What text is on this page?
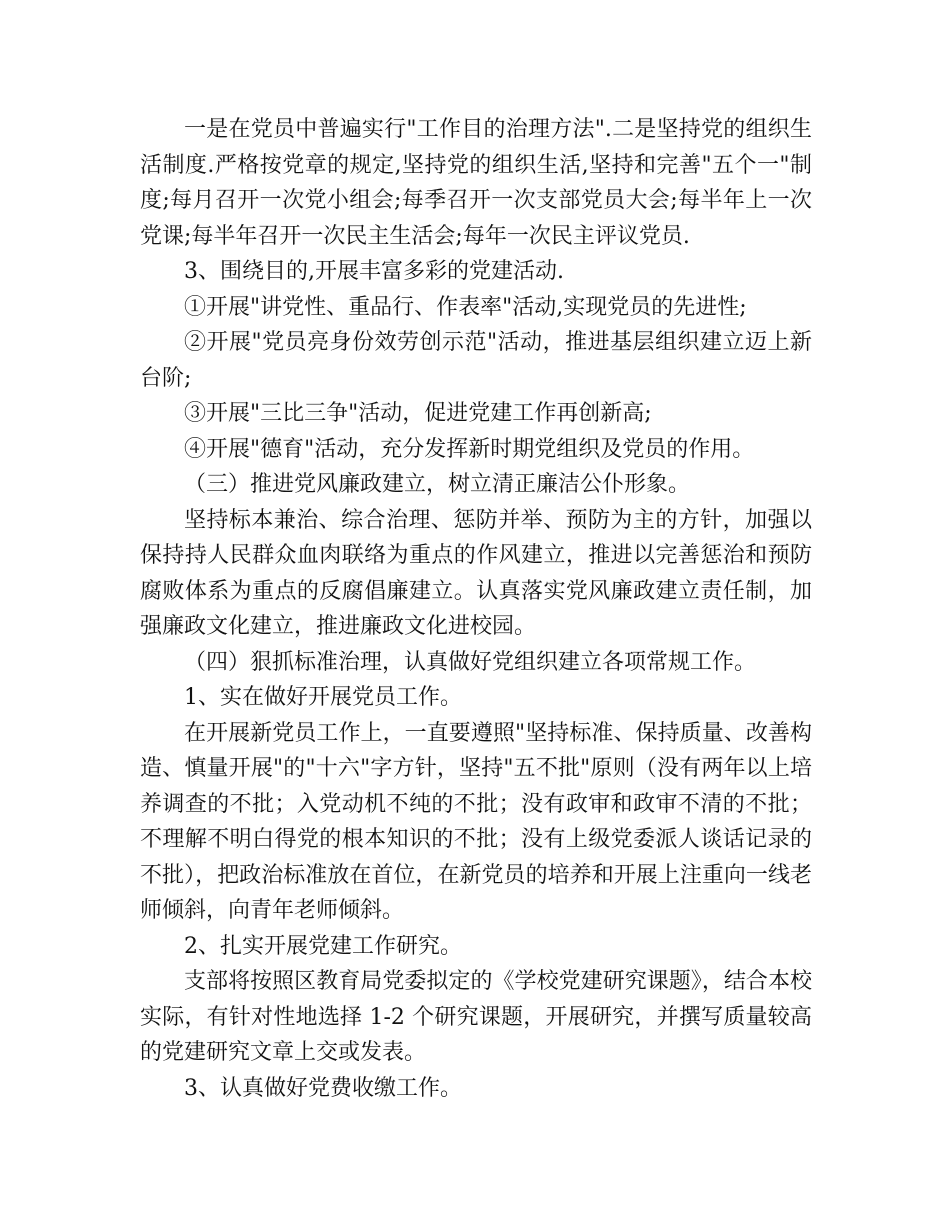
一是在党员中普遍实行"工作目的治理方法".二是坚持党的组织生活制度.严格按党章的规定,坚持党的组织生活,坚持和完善"五个一"制度;每月召开一次党小组会;每季召开一次支部党员大会;每半年上一次党课;每半年召开一次民主生活会;每年一次民主评议党员.

3、围绕目的,开展丰富多彩的党建活动.

①开展"讲党性、重品行、作表率"活动,实现党员的先进性;

②开展"党员亮身份效劳创示范"活动，推进基层组织建立迈上新台阶;

③开展"三比三争"活动，促进党建工作再创新高;

④开展"德育"活动，充分发挥新时期党组织及党员的作用。

（三）推进党风廉政建立，树立清正廉洁公仆形象。

坚持标本兼治、综合治理、惩防并举、预防为主的方针，加强以保持持人民群众血肉联络为重点的作风建立，推进以完善惩治和预防腐败体系为重点的反腐倡廉建立。认真落实党风廉政建立责任制，加强廉政文化建立，推进廉政文化进校园。

（四）狠抓标准治理，认真做好党组织建立各项常规工作。

1、实在做好开展党员工作。

在开展新党员工作上，一直要遵照"坚持标准、保持质量、改善构造、慎量开展"的"十六"字方针，坚持"五不批"原则（没有两年以上培养调查的不批；入党动机不纯的不批；没有政审和政审不清的不批；不理解不明白得党的根本知识的不批；没有上级党委派人谈话记录的不批），把政治标准放在首位，在新党员的培养和开展上注重向一线老师倾斜，向青年老师倾斜。

2、扎实开展党建工作研究。

支部将按照区教育局党委拟定的《学校党建研究课题》，结合本校实际，有针对性地选择 1-2 个研究课题，开展研究，并撰写质量较高的党建研究文章上交或发表。

3、认真做好党费收缴工作。
